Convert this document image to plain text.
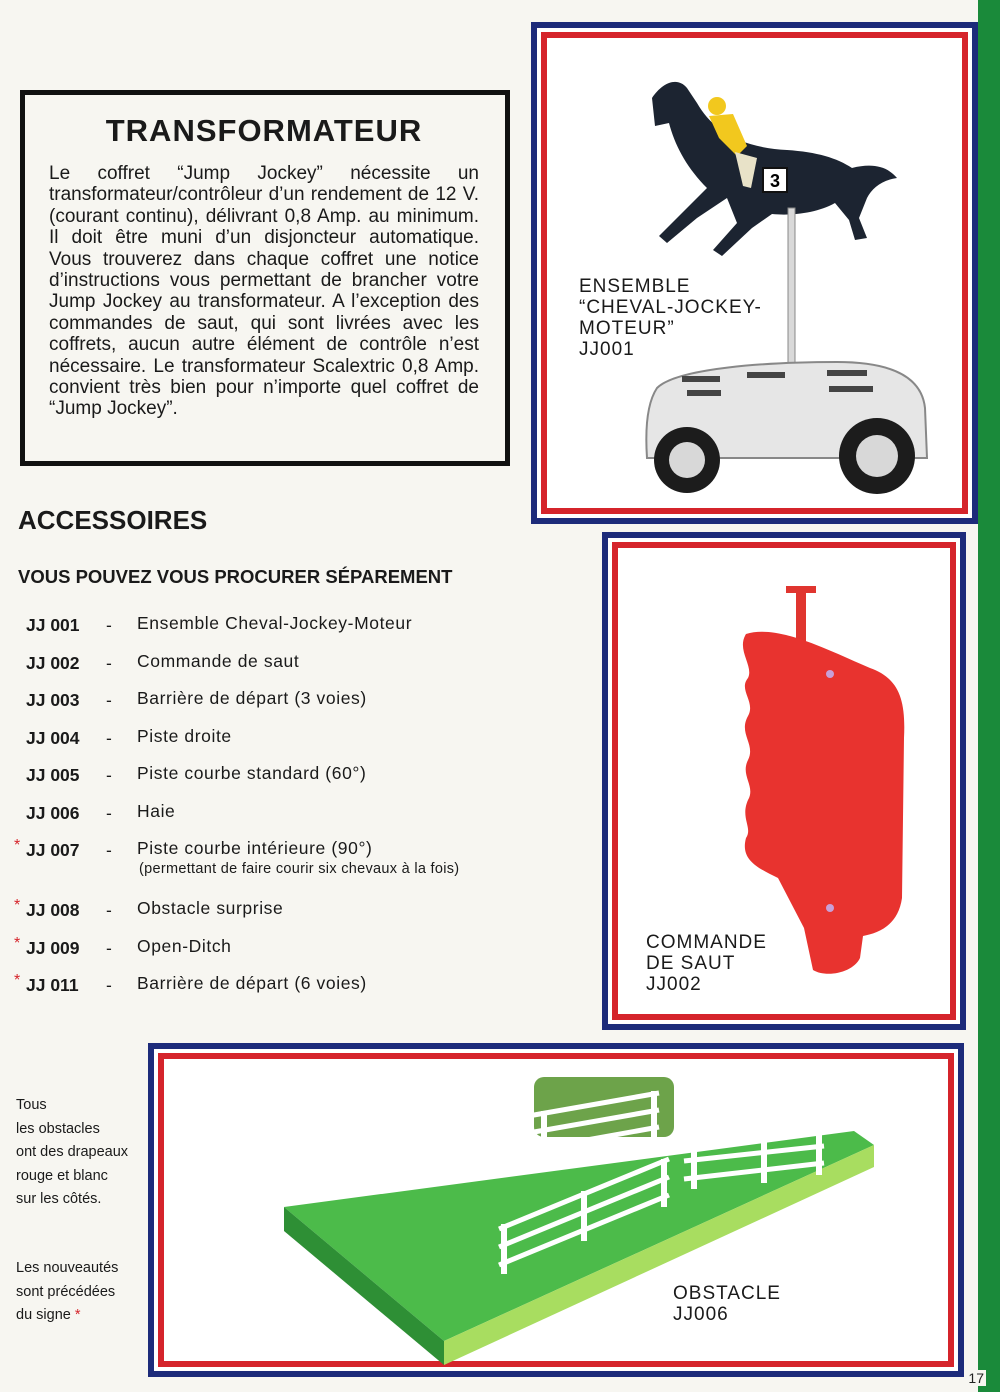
17
TRANSFORMATEUR

Le coffret “Jump Jockey” nécessite un transformateur/contrôleur d’un rendement de 12 V. (courant continu), délivrant 0,8 Amp. au minimum. Il doit être muni d’un disjoncteur automatique. Vous trouverez dans chaque coffret une notice d’instructions vous permettant de brancher votre Jump Jockey au transformateur. A l’exception des commandes de saut, qui sont livrées avec les coffrets, aucun autre élément de contrôle n’est nécessaire. Le transformateur Scalextric 0,8 Amp. convient très bien pour n’importe quel coffret de “Jump Jockey”.

3
ENSEMBLE
“CHEVAL-JOCKEY-
MOTEUR”
JJ001
ACCESSOIRES
VOUS POUVEZ VOUS PROCURER SÉPAREMENT
JJ 001 - Ensemble Cheval-Jockey-Moteur
JJ 002 - Commande de saut
JJ 003 - Barrière de départ (3 voies)
JJ 004 - Piste droite
JJ 005 - Piste courbe standard (60°)
JJ 006 - Haie
* JJ 007 - Piste courbe intérieure (90°)
(permettant de faire courir six chevaux à la fois)
* JJ 008 - Obstacle surprise
* JJ 009 - Open-Ditch
* JJ 011 - Barrière de départ (6 voies)
COMMANDE
DE SAUT
JJ002
OBSTACLE
JJ006
Tous
les obstacles
ont des drapeaux
rouge et blanc
sur les côtés.
Les nouveautés
sont précédées
du signe *
